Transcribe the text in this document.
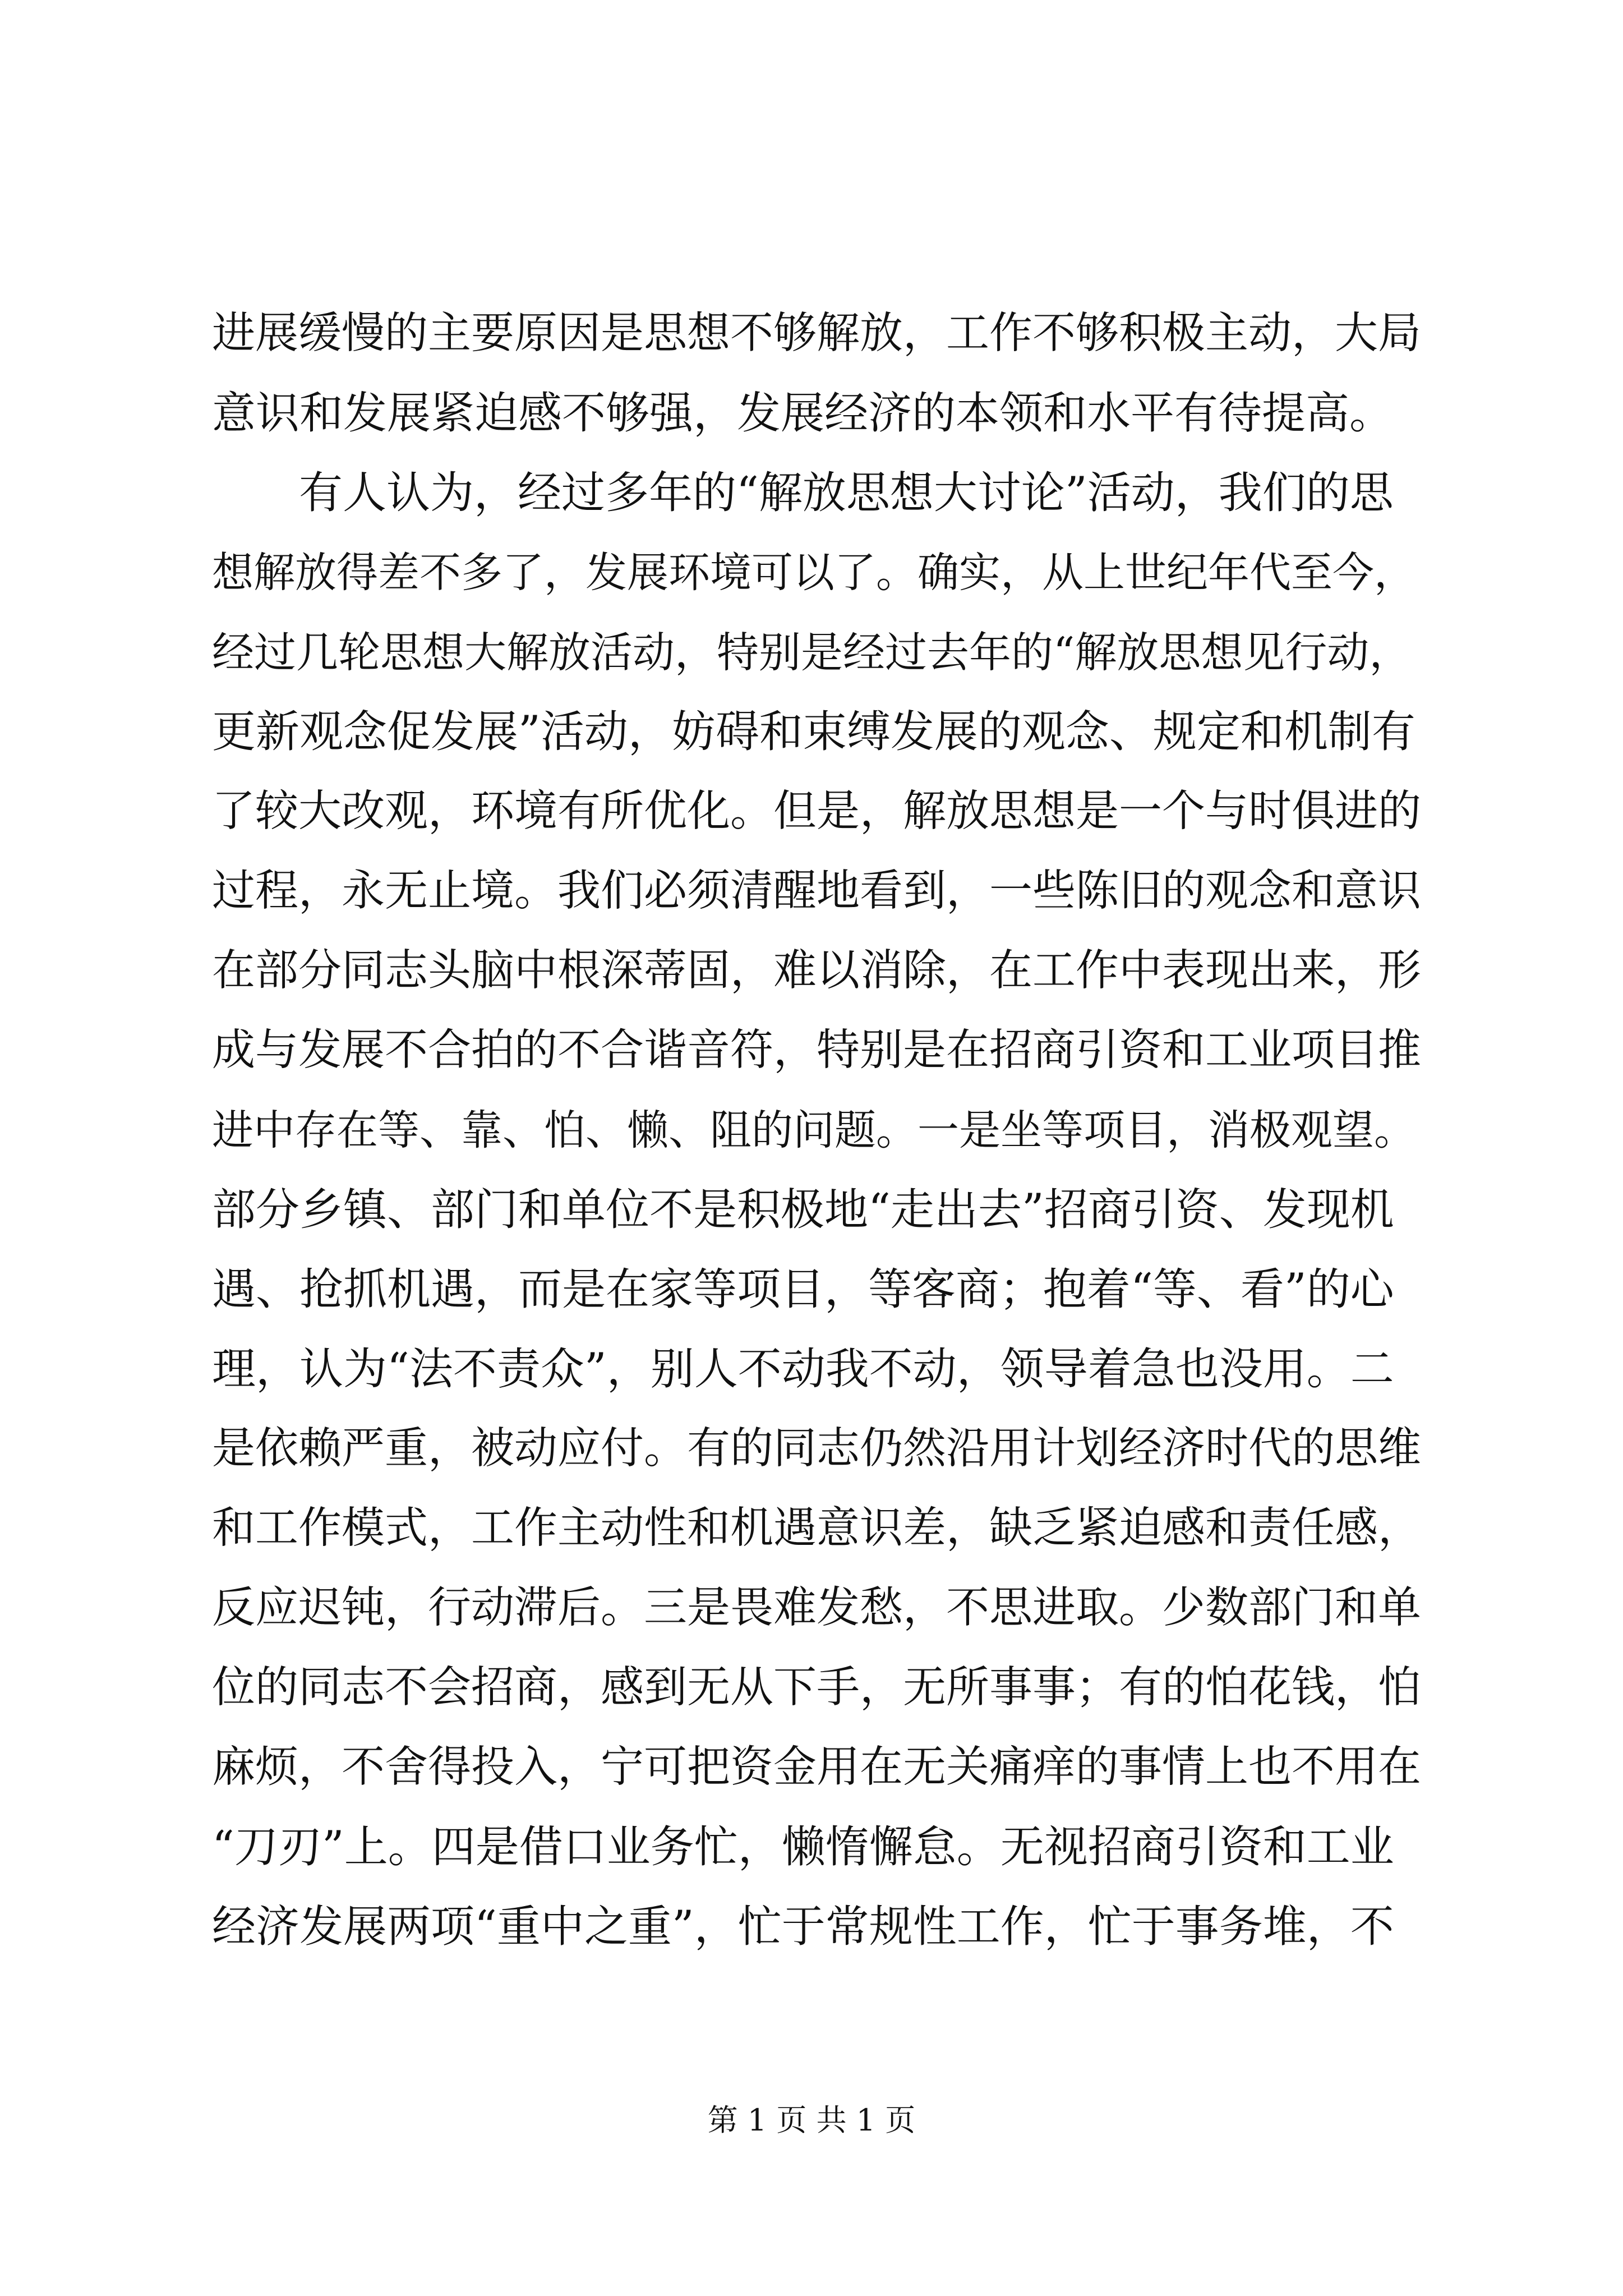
进展缓慢的主要原因是思想不够解放，工作不够积极主动，大局
意识和发展紧迫感不够强，发展经济的本领和水平有待提高。
有人认为，经过多年的“解放思想大讨论”活动，我们的思
想解放得差不多了，发展环境可以了。确实，从上世纪年代至今，
经过几轮思想大解放活动，特别是经过去年的“解放思想见行动，
更新观念促发展”活动，妨碍和束缚发展的观念、规定和机制有
了较大改观，环境有所优化。但是，解放思想是一个与时俱进的
过程，永无止境。我们必须清醒地看到，一些陈旧的观念和意识
在部分同志头脑中根深蒂固，难以消除，在工作中表现出来，形
成与发展不合拍的不合谐音符，特别是在招商引资和工业项目推
进中存在等、靠、怕、懒、阻的问题。一是坐等项目，消极观望。
部分乡镇、部门和单位不是积极地“走出去”招商引资、发现机
遇、抢抓机遇，而是在家等项目，等客商；抱着“等、看”的心
理，认为“法不责众”，别人不动我不动，领导着急也没用。二
是依赖严重，被动应付。有的同志仍然沿用计划经济时代的思维
和工作模式，工作主动性和机遇意识差，缺乏紧迫感和责任感，
反应迟钝，行动滞后。三是畏难发愁，不思进取。少数部门和单
位的同志不会招商，感到无从下手，无所事事；有的怕花钱，怕
麻烦，不舍得投入，宁可把资金用在无关痛痒的事情上也不用在
“刀刃”上。四是借口业务忙，懒惰懈怠。无视招商引资和工业
经济发展两项“重中之重”，忙于常规性工作，忙于事务堆，不
第 1 页 共 1 页
